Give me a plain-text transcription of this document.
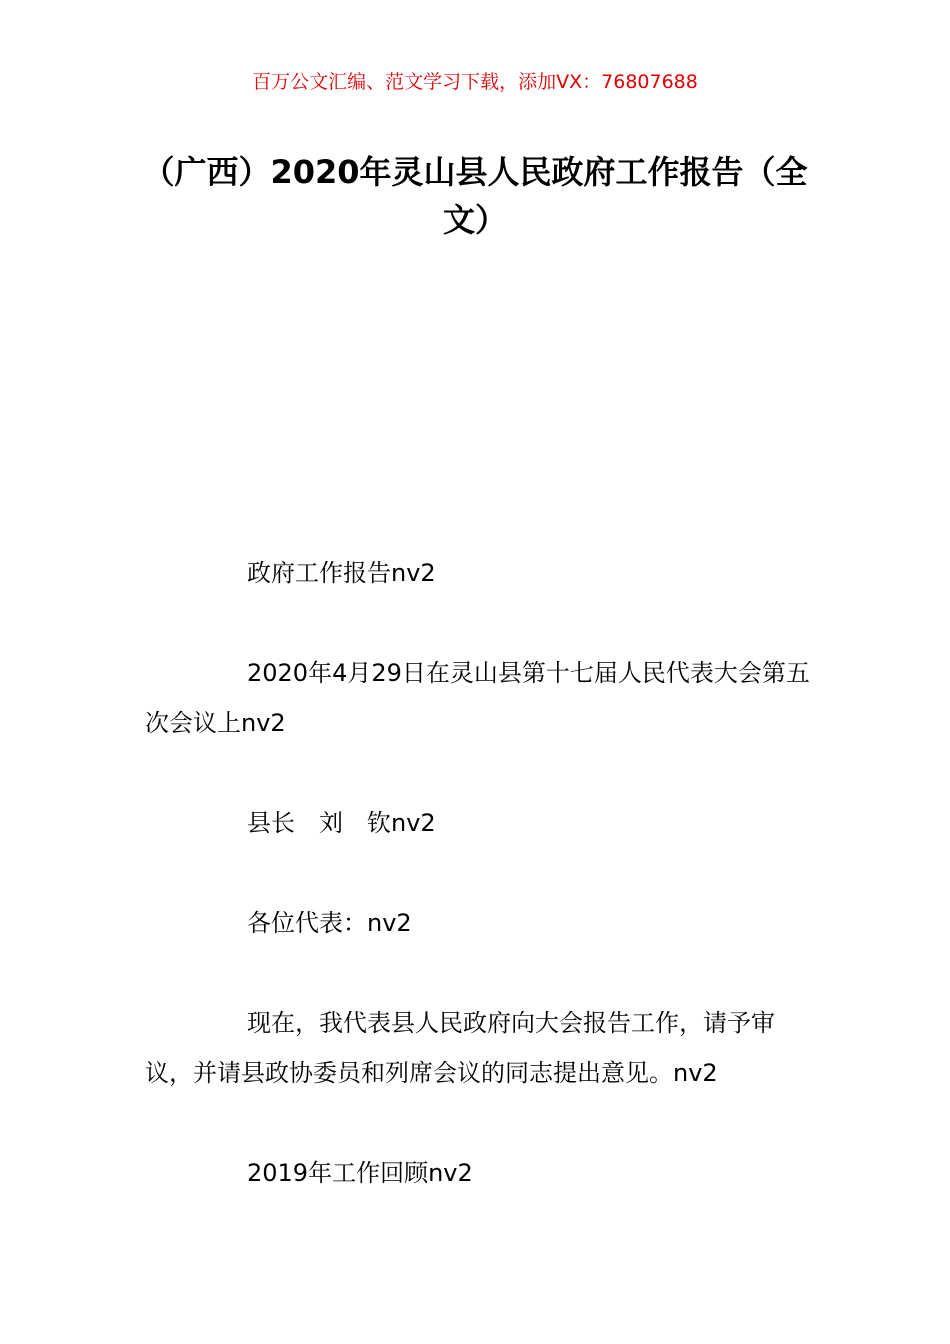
百万公文汇编、范文学习下载，添加VX：76807688
（广西）2020年灵山县人民政府工作报告（全文）

政府工作报告nv2

2020年4月29日在灵山县第十七届人民代表大会第五次会议上nv2

县长　刘　钦nv2

各位代表：nv2

现在，我代表县人民政府向大会报告工作，请予审议，并请县政协委员和列席会议的同志提出意见。nv2

2019年工作回顾nv2
